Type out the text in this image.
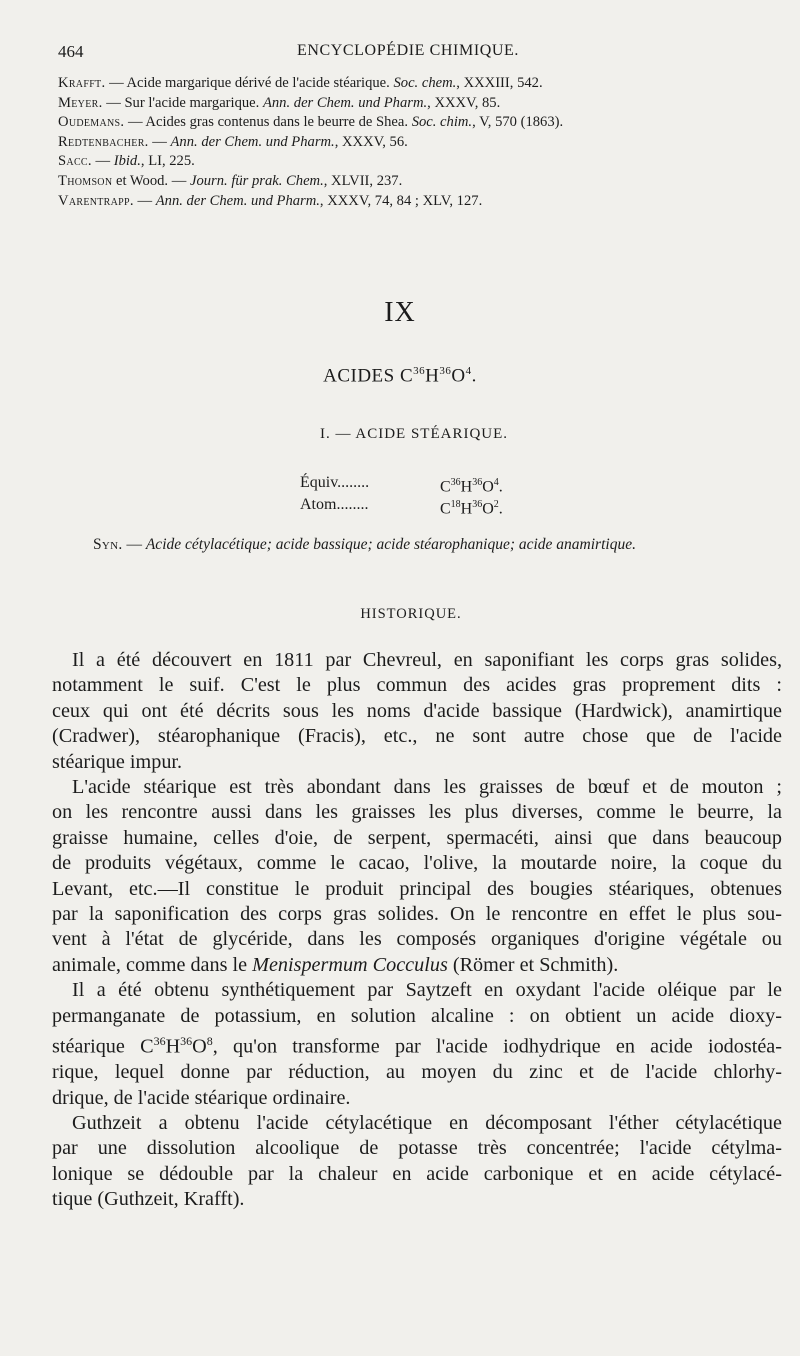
464	ENCYCLOPÉDIE CHIMIQUE.
Krafft. — Acide margarique dérivé de l'acide stéarique. Soc. chem., XXXIII, 542.
Meyer. — Sur l'acide margarique. Ann. der Chem. und Pharm., XXXV, 85.
Oudemans. — Acides gras contenus dans le beurre de Shea. Soc. chim., V, 570 (1863).
Redtenbacher. — Ann. der Chem. und Pharm., XXXV, 56.
Sacc. — Ibid., LI, 225.
Thomson et Wood. — Journ. für prak. Chem., XLVII, 237.
Varentrapp. — Ann. der Chem. und Pharm., XXXV, 74, 84 ; XLV, 127.
IX
ACIDES $C^{36}H^{36}O^4$.
I. — ACIDE STÉARIQUE.
Équiv........	$C^{36}H^{36}O^4$.
Atom........	$C^{18}H^{36}O^2$.
Syn. — Acide cétylacétique; acide bassique; acide stéarophanique; acide anamirtique.
HISTORIQUE.
Il a été découvert en 1811 par Chevreul, en saponifiant les corps gras solides,
notamment le suif. C'est le plus commun des acides gras proprement dits :
ceux qui ont été décrits sous les noms d'acide bassique (Hardwick), anamirtique
(Cradwer), stéarophanique (Fracis), etc., ne sont autre chose que de l'acide
stéarique impur.
L'acide stéarique est très abondant dans les graisses de bœuf et de mouton ;
on les rencontre aussi dans les graisses les plus diverses, comme le beurre, la
graisse humaine, celles d'oie, de serpent, spermacéti, ainsi que dans beaucoup
de produits végétaux, comme le cacao, l'olive, la moutarde noire, la coque du
Levant, etc.—Il constitue le produit principal des bougies stéariques, obtenues
par la saponification des corps gras solides. On le rencontre en effet le plus sou-
vent à l'état de glycéride, dans les composés organiques d'origine végétale ou
animale, comme dans le Menispermum Cocculus (Römer et Schmith).
Il a été obtenu synthétiquement par Saytzeft en oxydant l'acide oléique par le
permanganate de potassium, en solution alcaline : on obtient un acide dioxy-
stéarique $C^{36}H^{36}O^8$, qu'on transforme par l'acide iodhydrique en acide iodostéa-
rique, lequel donne par réduction, au moyen du zinc et de l'acide chlorhy-
drique, de l'acide stéarique ordinaire.
Guthzeit a obtenu l'acide cétylacétique en décomposant l'éther cétylacétique
par une dissolution alcoolique de potasse très concentrée; l'acide cétylma-
lonique se dédouble par la chaleur en acide carbonique et en acide cétylacé-
tique (Guthzeit, Krafft).
